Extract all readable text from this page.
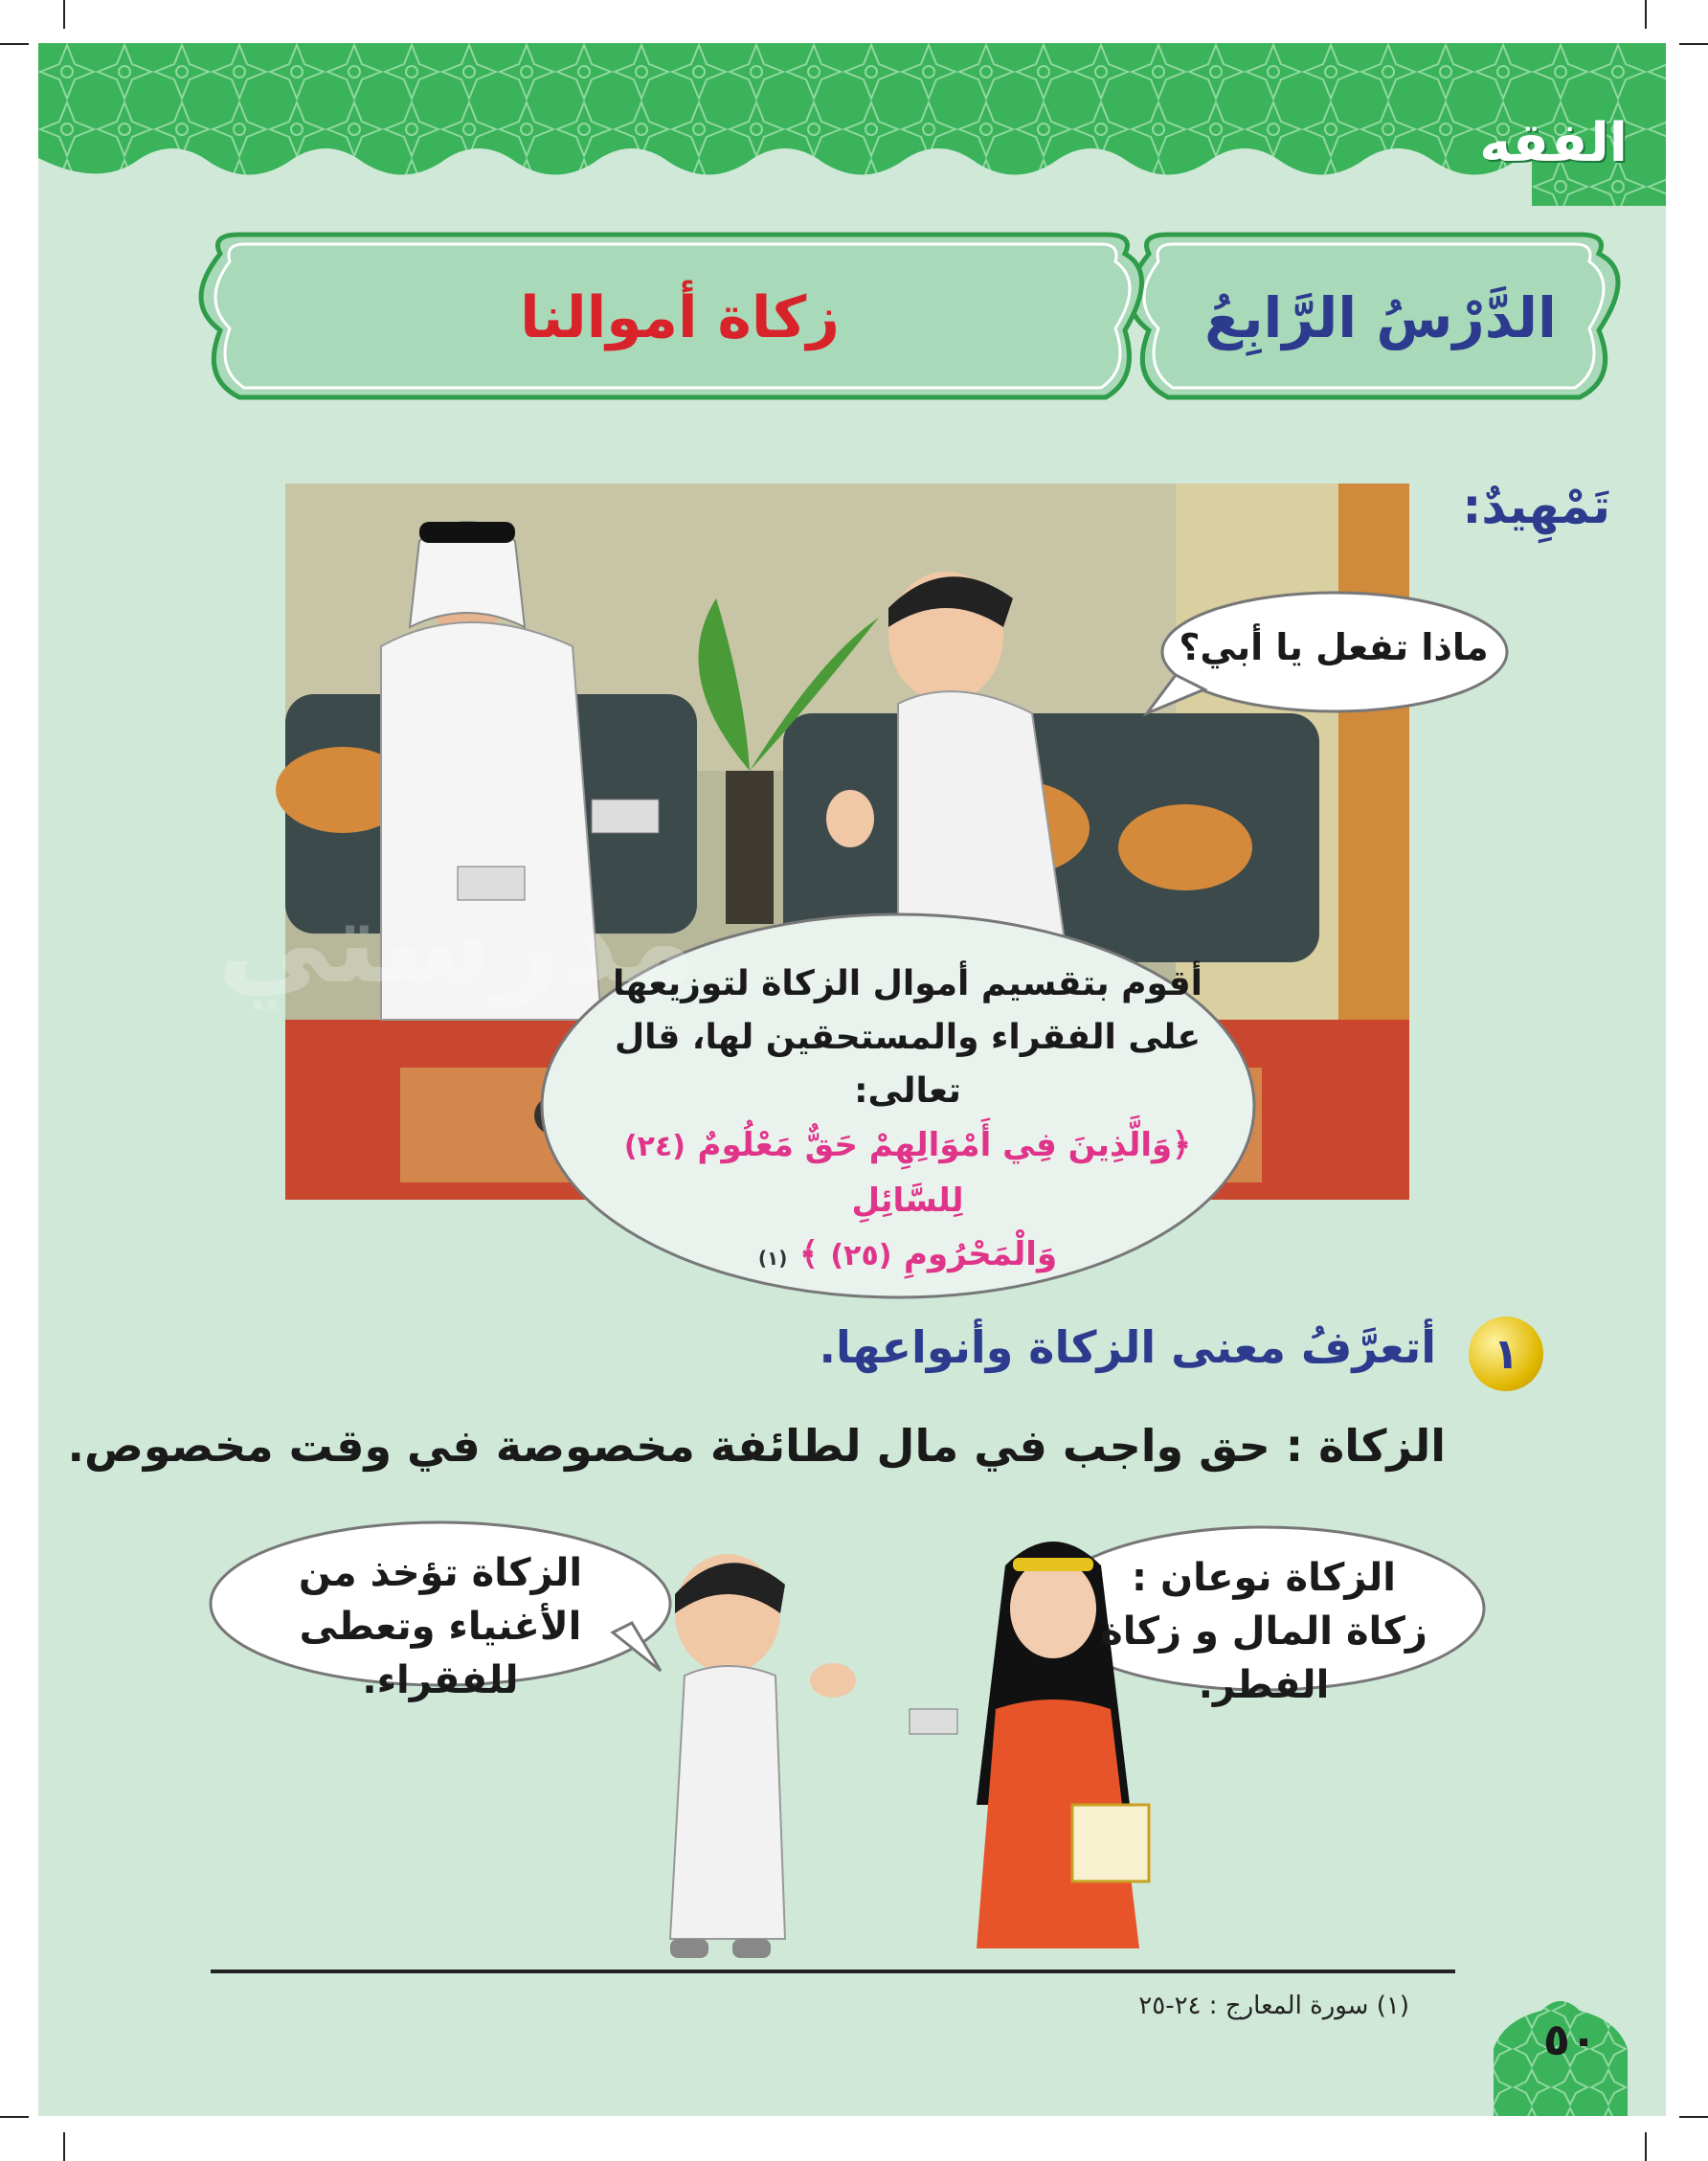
الفقه
الدَّرْسُ الرَّابِعُ
زكاة أموالنا
تَمْهِيدٌ:
مدرستي
ماذا تفعل يا أبي؟
أقوم بتقسيم أموال الزكاة لتوزيعها
على الفقراء والمستحقين لها، قال تعالى:
﴿وَالَّذِينَ فِي أَمْوَالِهِمْ حَقٌّ مَعْلُومٌ (٢٤) لِلسَّائِلِ
وَالْمَحْرُومِ (٢٥) ﴾ (١)
١
أتعرَّفُ معنى الزكاة وأنواعها.
الزكاة : حق واجب في مال لطائفة مخصوصة في وقت مخصوص.
الزكاة تؤخذ من
الأغنياء وتعطى للفقراء.
الزكاة نوعان :
زكاة المال و زكاة الفطر.
(١) سورة المعارج : ٢٤-٢٥
٥٠
